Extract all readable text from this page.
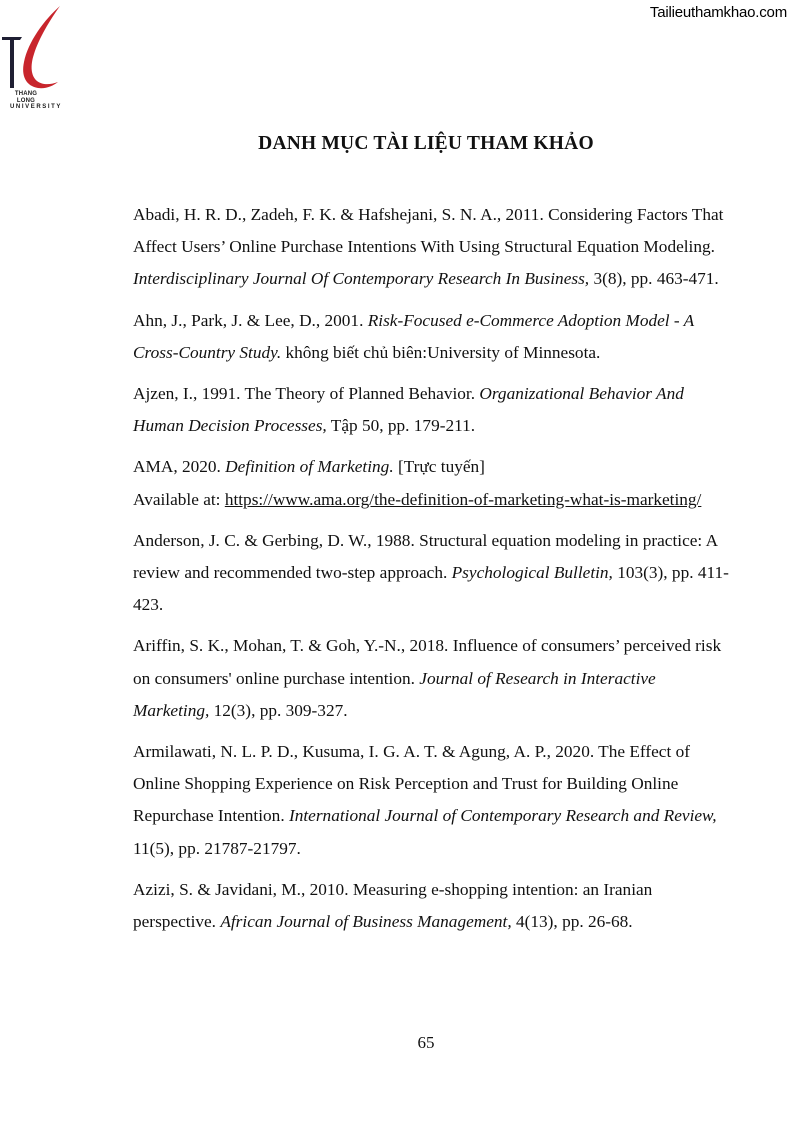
THANG LONG
UNIVERSITY
Tailieuthamkhao.com
DANH MỤC TÀI LIỆU THAM KHẢO

Abadi, H. R. D., Zadeh, F. K. & Hafshejani, S. N. A., 2011. Considering Factors That Affect Users’ Online Purchase Intentions With Using Structural Equation Modeling. Interdisciplinary Journal Of Contemporary Research In Business, 3(8), pp. 463-471.

Ahn, J., Park, J. & Lee, D., 2001. Risk-Focused e-Commerce Adoption Model - A Cross-Country Study. không biết chủ biên:University of Minnesota.

Ajzen, I., 1991. The Theory of Planned Behavior. Organizational Behavior And Human Decision Processes, Tập 50, pp. 179-211.

AMA, 2020. Definition of Marketing. [Trực tuyến]
Available at: https://www.ama.org/the-definition-of-marketing-what-is-marketing/

Anderson, J. C. & Gerbing, D. W., 1988. Structural equation modeling in practice: A review and recommended two-step approach. Psychological Bulletin, 103(3), pp. 411-423.

Ariffin, S. K., Mohan, T. & Goh, Y.-N., 2018. Influence of consumers’ perceived risk on consumers' online purchase intention. Journal of Research in Interactive Marketing, 12(3), pp. 309-327.

Armilawati, N. L. P. D., Kusuma, I. G. A. T. & Agung, A. P., 2020. The Effect of Online Shopping Experience on Risk Perception and Trust for Building Online Repurchase Intention. International Journal of Contemporary Research and Review, 11(5), pp. 21787-21797.

Azizi, S. & Javidani, M., 2010. Measuring e-shopping intention: an Iranian perspective. African Journal of Business Management, 4(13), pp. 26-68.

65
